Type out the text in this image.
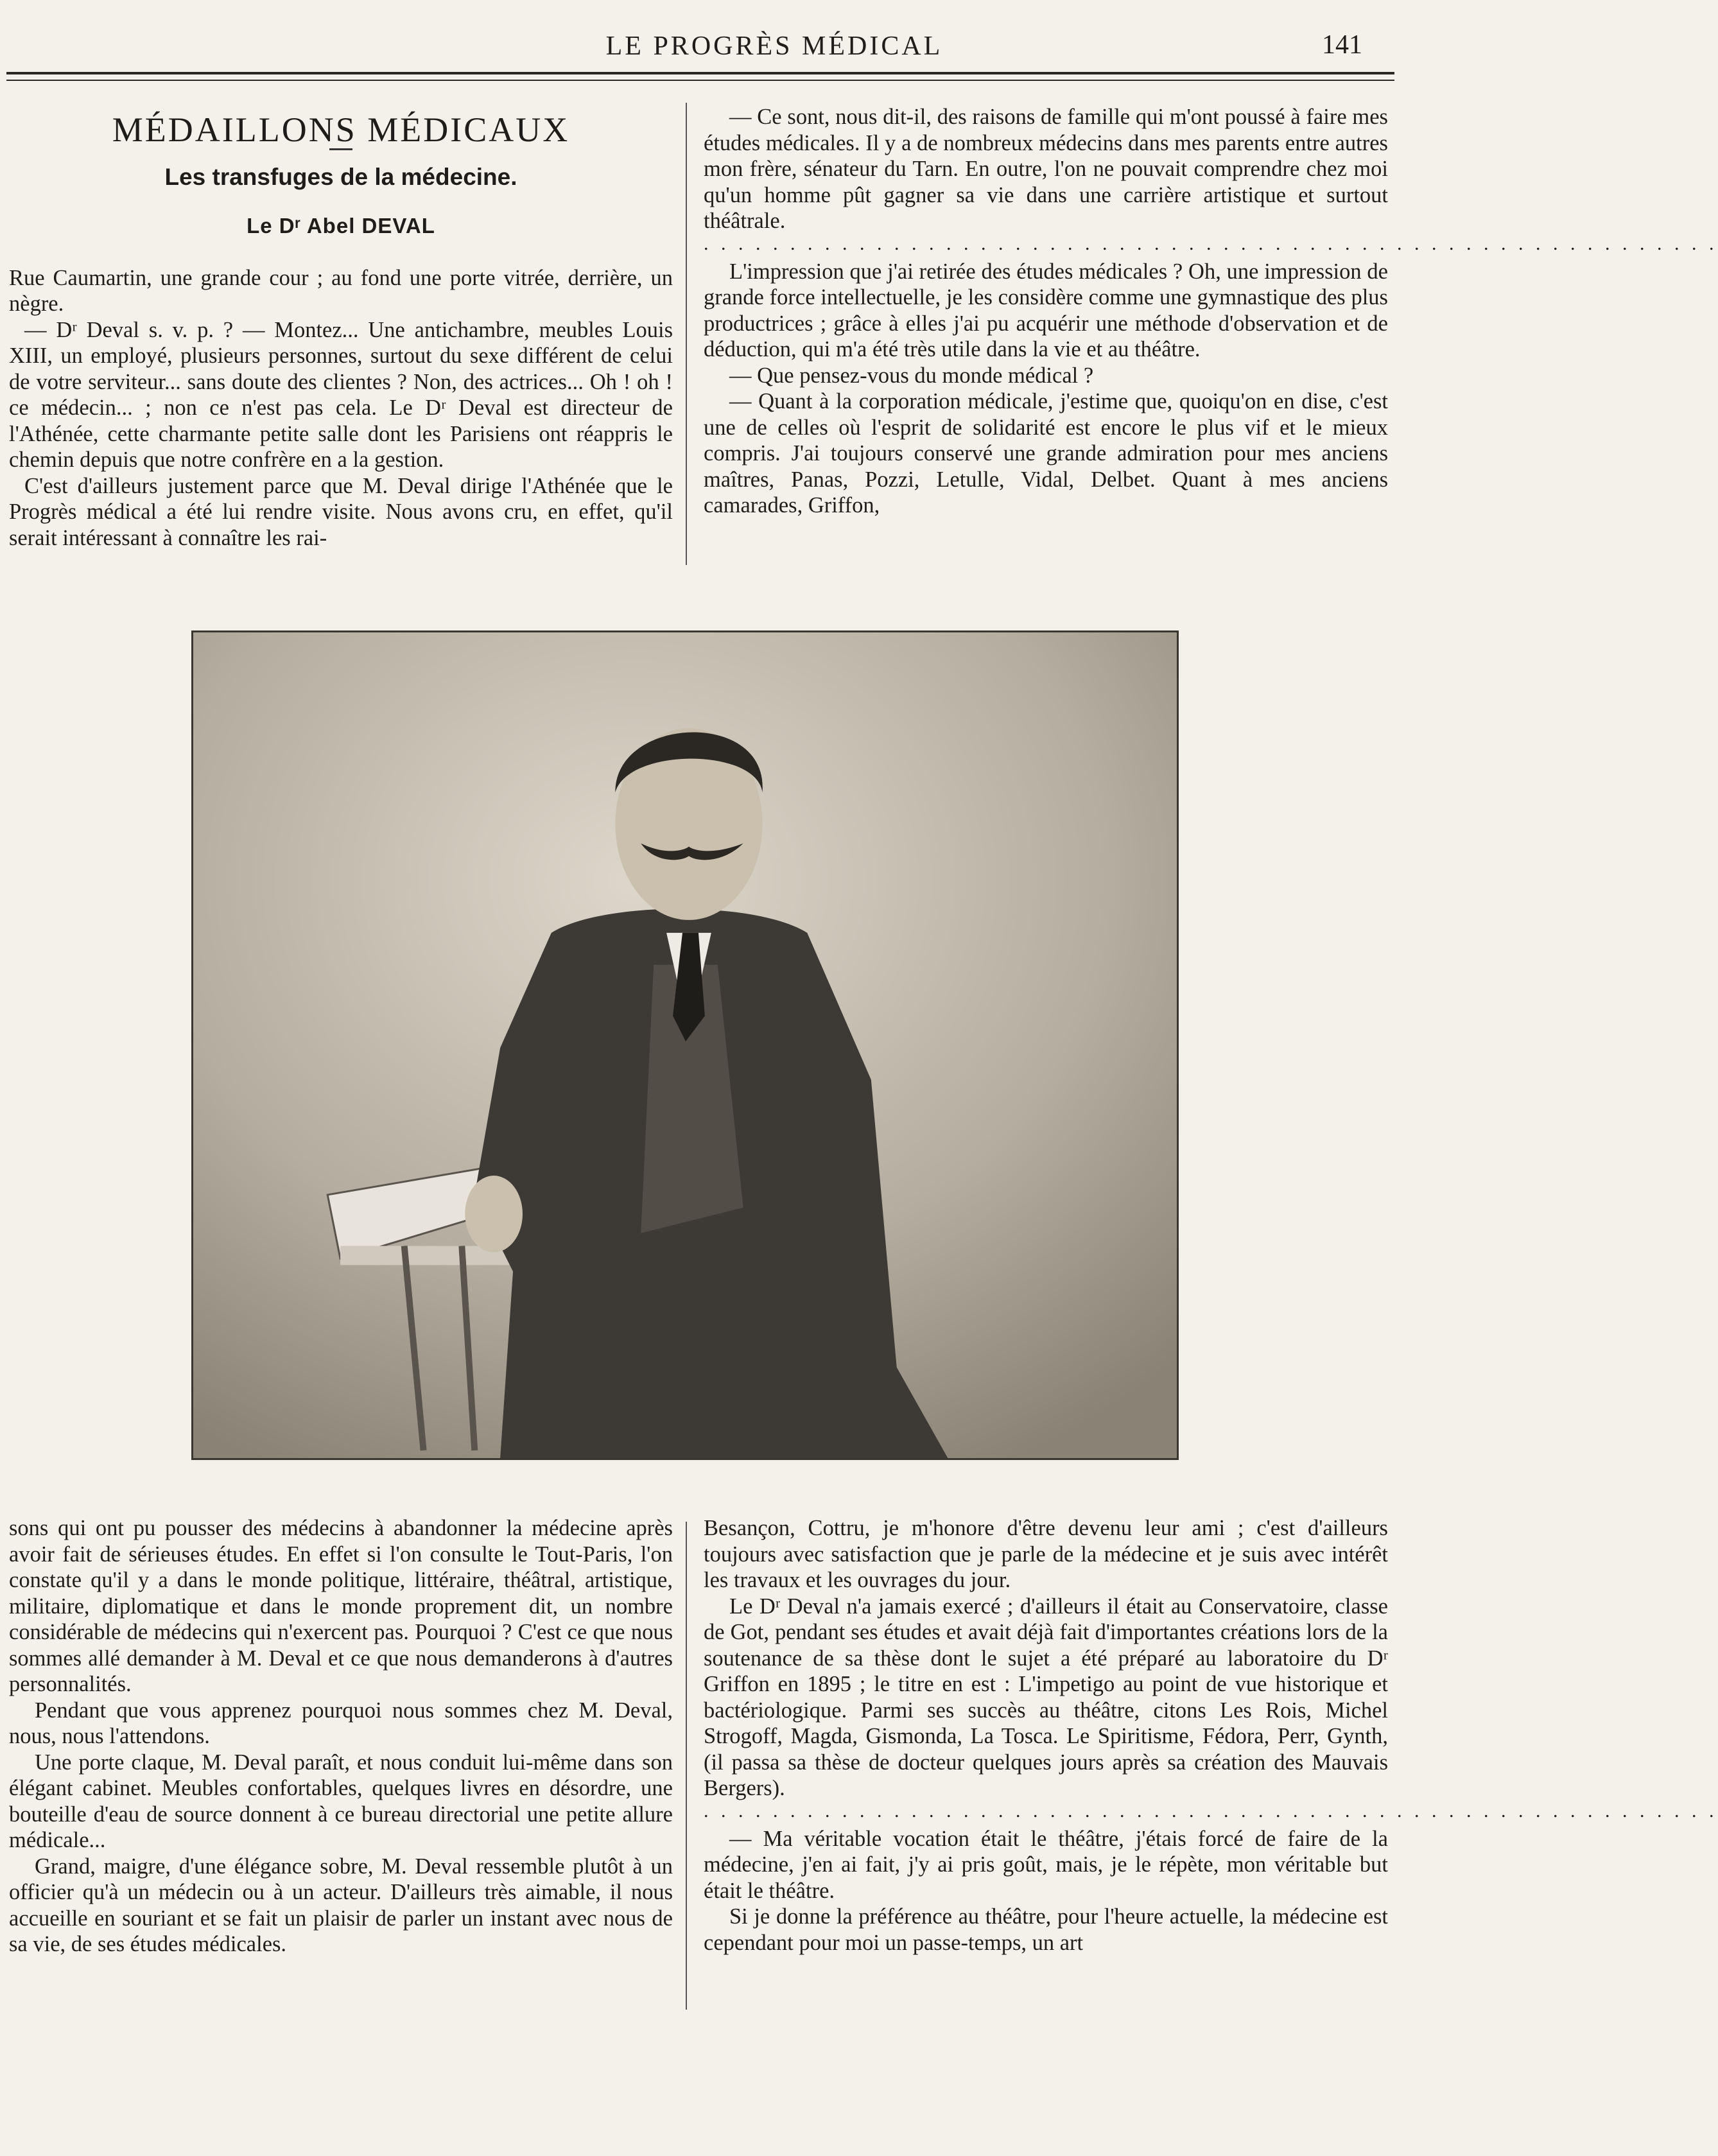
LE PROGRÈS MÉDICAL	141
MÉDAILLONS MÉDICAUX
Les transfuges de la médecine.
Le Dʳ Abel DEVAL

Rue Caumartin, une grande cour ; au fond une porte vitrée, derrière, un nègre.

— Dʳ Deval s. v. p. ? — Montez... Une antichambre, meubles Louis XIII, un employé, plusieurs personnes, surtout du sexe différent de celui de votre serviteur... sans doute des clientes ? Non, des actrices... Oh ! oh ! ce médecin... ; non ce n'est pas cela. Le Dʳ Deval est directeur de l'Athénée, cette charmante petite salle dont les Parisiens ont réappris le chemin depuis que notre confrère en a la gestion.

C'est d'ailleurs justement parce que M. Deval dirige l'Athénée que le Progrès médical a été lui rendre visite. Nous avons cru, en effet, qu'il serait intéressant à connaître les rai-

— Ce sont, nous dit-il, des raisons de famille qui m'ont poussé à faire mes études médicales. Il y a de nombreux médecins dans mes parents entre autres mon frère, sénateur du Tarn. En outre, l'on ne pouvait comprendre chez moi qu'un homme pût gagner sa vie dans une carrière artistique et surtout théâtrale.

. . . . . . . . . . . . . . . . . . . . . . . . . . . . . . . . . . . . . . . . . . . . . . . . . . . . . . . . . . .

L'impression que j'ai retirée des études médicales ? Oh, une impression de grande force intellectuelle, je les considère comme une gymnastique des plus productrices ; grâce à elles j'ai pu acquérir une méthode d'observation et de déduction, qui m'a été très utile dans la vie et au théâtre.

— Que pensez-vous du monde médical ?

— Quant à la corporation médicale, j'estime que, quoiqu'on en dise, c'est une de celles où l'esprit de solidarité est encore le plus vif et le mieux compris. J'ai toujours conservé une grande admiration pour mes anciens maîtres, Panas, Pozzi, Letulle, Vidal, Delbet. Quant à mes anciens camarades, Griffon,

sons qui ont pu pousser des médecins à abandonner la médecine après avoir fait de sérieuses études. En effet si l'on consulte le Tout-Paris, l'on constate qu'il y a dans le monde politique, littéraire, théâtral, artistique, militaire, diplomatique et dans le monde proprement dit, un nombre considérable de médecins qui n'exercent pas. Pourquoi ? C'est ce que nous sommes allé demander à M. Deval et ce que nous demanderons à d'autres personnalités.

Pendant que vous apprenez pourquoi nous sommes chez M. Deval, nous, nous l'attendons.

Une porte claque, M. Deval paraît, et nous conduit lui-même dans son élégant cabinet. Meubles confortables, quelques livres en désordre, une bouteille d'eau de source donnent à ce bureau directorial une petite allure médicale...

Grand, maigre, d'une élégance sobre, M. Deval ressemble plutôt à un officier qu'à un médecin ou à un acteur. D'ailleurs très aimable, il nous accueille en souriant et se fait un plaisir de parler un instant avec nous de sa vie, de ses études médicales.

Besançon, Cottru, je m'honore d'être devenu leur ami ; c'est d'ailleurs toujours avec satisfaction que je parle de la médecine et je suis avec intérêt les travaux et les ouvrages du jour.

Le Dʳ Deval n'a jamais exercé ; d'ailleurs il était au Conservatoire, classe de Got, pendant ses études et avait déjà fait d'importantes créations lors de la soutenance de sa thèse dont le sujet a été préparé au laboratoire du Dʳ Griffon en 1895 ; le titre en est : L'impetigo au point de vue historique et bactériologique. Parmi ses succès au théâtre, citons Les Rois, Michel Strogoff, Magda, Gismonda, La Tosca. Le Spiritisme, Fédora, Perr, Gynth, (il passa sa thèse de docteur quelques jours après sa création des Mauvais Bergers).

. . . . . . . . . . . . . . . . . . . . . . . . . . . . . . . . . . . . . . . . . . . . . . . . . . . . . . . . . . .

— Ma véritable vocation était le théâtre, j'étais forcé de faire de la médecine, j'en ai fait, j'y ai pris goût, mais, je le répète, mon véritable but était le théâtre.

Si je donne la préférence au théâtre, pour l'heure actuelle, la médecine est cependant pour moi un passe-temps, un art
